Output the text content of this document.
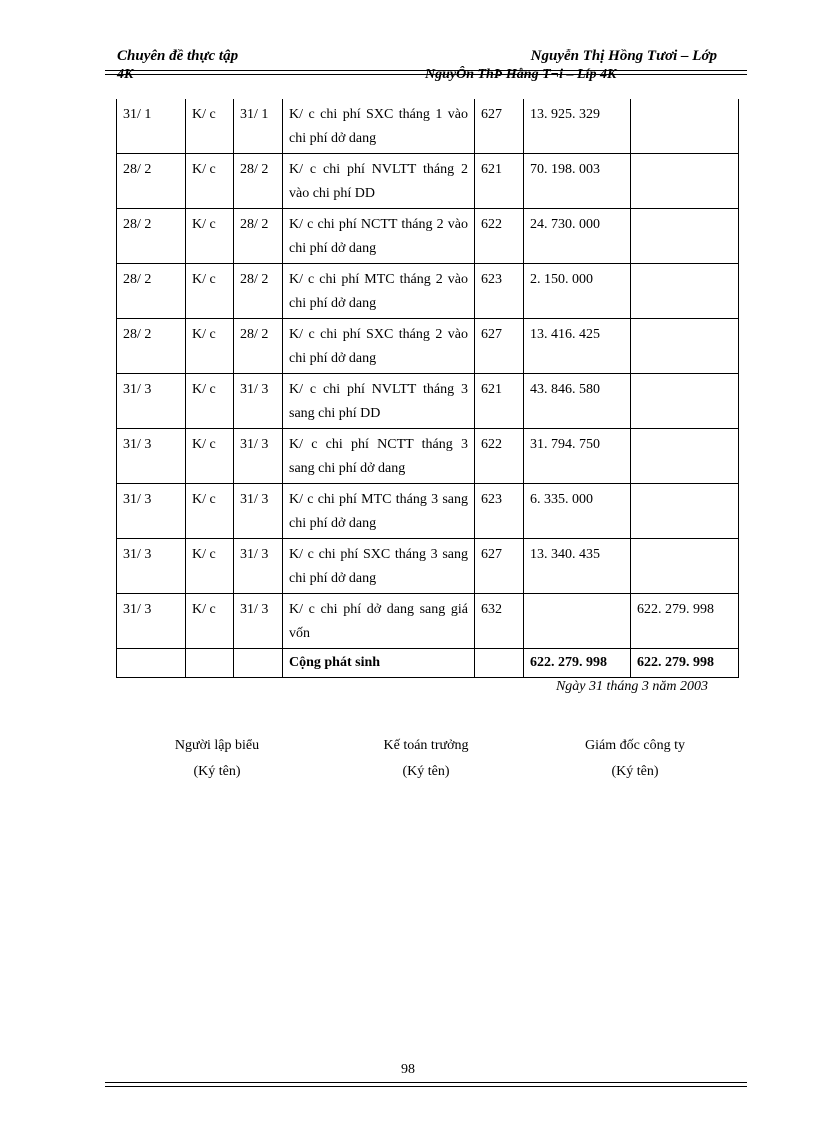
Chuyên đề thực tập	Nguyễn Thị Hồng Tươi – Lớp
4K	NguyÔn ThÞ Hång T¬i – Líp 4K
31/ 1	K/ c	31/ 1	K/ c chi phí SXC tháng 1 vào chi phí dở dang	627	13. 925. 329	
28/ 2	K/ c	28/ 2	K/ c chi phí NVLTT tháng 2 vào chi phí DD	621	70. 198. 003	
28/ 2	K/ c	28/ 2	K/ c chi phí NCTT tháng 2 vào chi phí dở dang	622	24. 730. 000	
28/ 2	K/ c	28/ 2	K/ c chi phí MTC tháng 2 vào chi phí dở dang	623	2. 150. 000	
28/ 2	K/ c	28/ 2	K/ c chi phí SXC tháng 2 vào chi phí dở dang	627	13. 416. 425	
31/ 3	K/ c	31/ 3	K/ c chi phí NVLTT tháng 3 sang chi phí DD	621	43. 846. 580	
31/ 3	K/ c	31/ 3	K/ c chi phí NCTT tháng 3 sang chi phí dở dang	622	31. 794. 750	
31/ 3	K/ c	31/ 3	K/ c chi phí MTC tháng 3 sang chi phí dở dang	623	6. 335. 000	
31/ 3	K/ c	31/ 3	K/ c chi phí SXC tháng 3 sang chi phí dở dang	627	13. 340. 435	
31/ 3	K/ c	31/ 3	K/ c chi phí dở dang sang giá vốn	632		622. 279. 998
			Cộng phát sinh		622. 279. 998	622. 279. 998
Ngày 31 tháng 3 năm 2003
Người lập biểu
(Ký tên)
Kế toán trưởng
(Ký tên)
Giám đốc công ty
(Ký tên)
98
